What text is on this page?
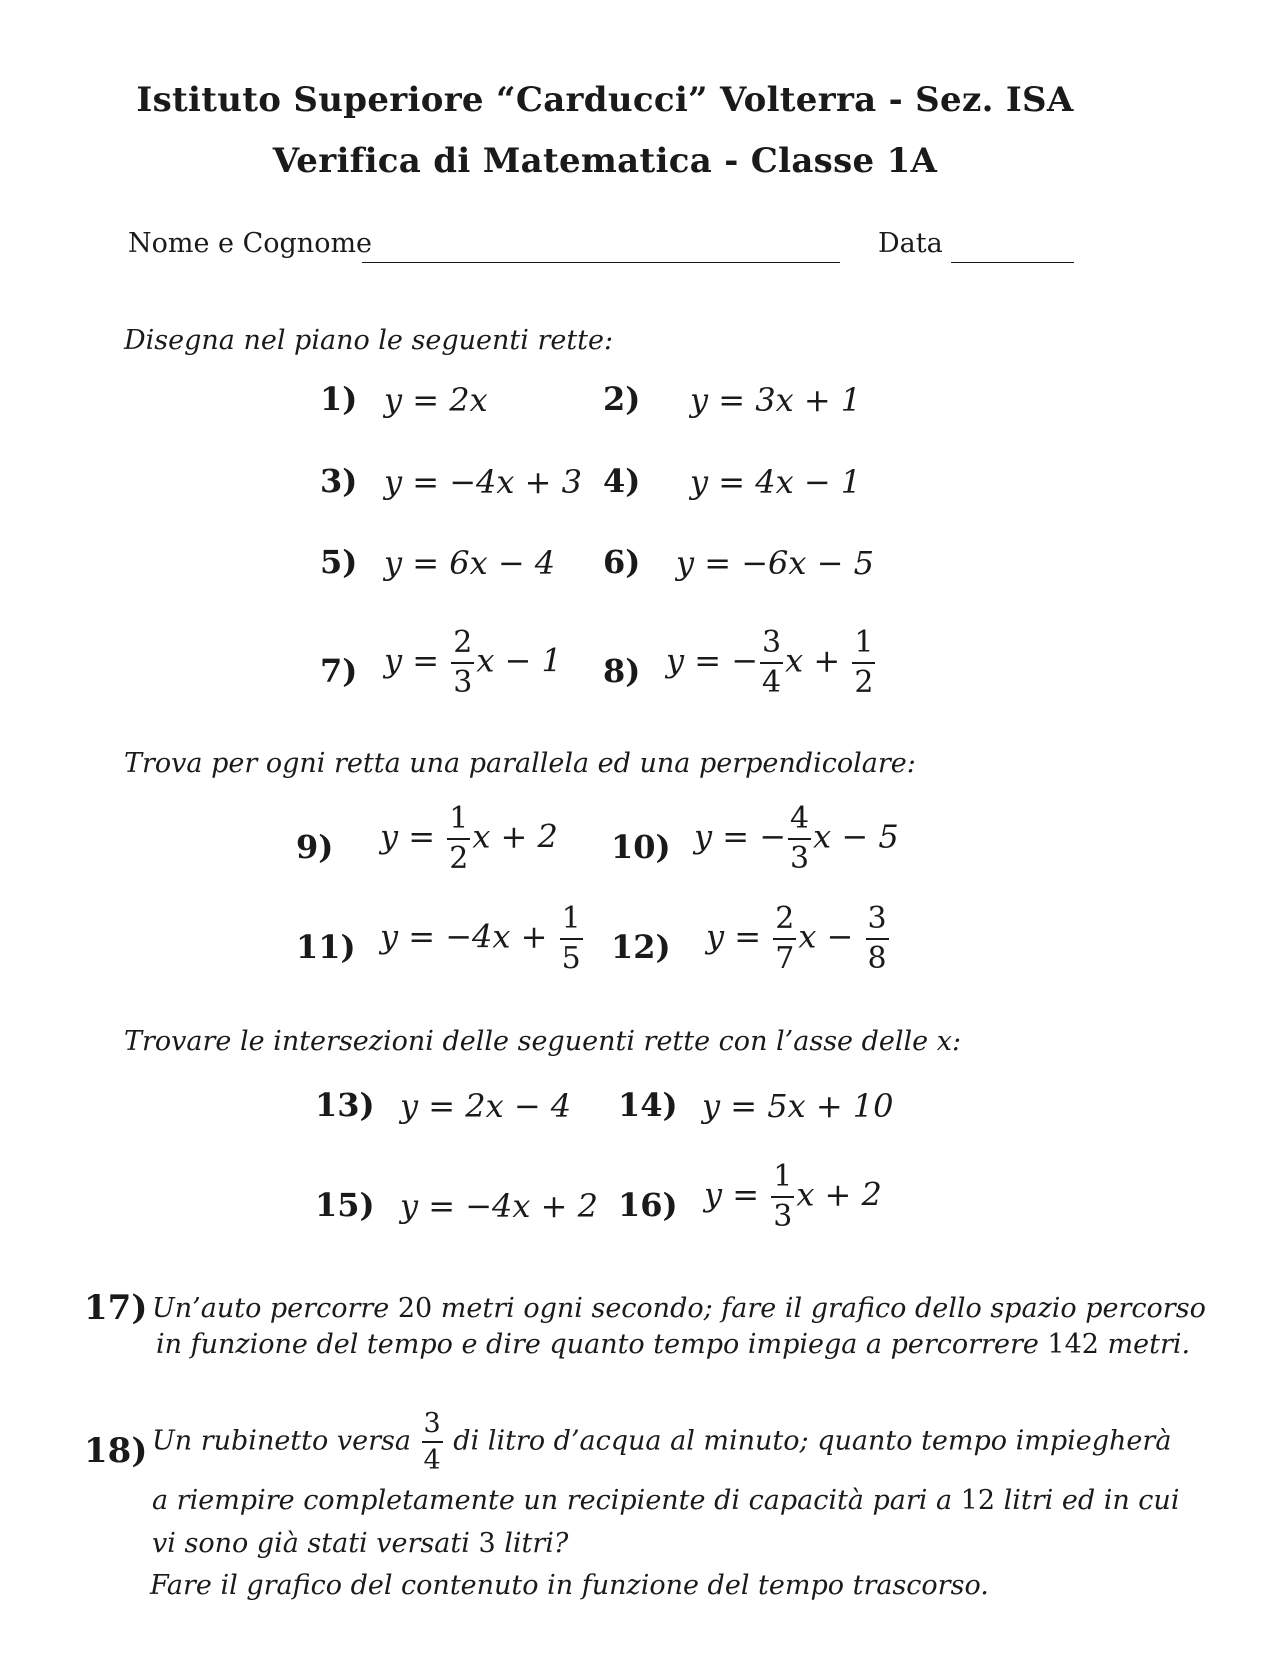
Istituto Superiore “Carducci” Volterra - Sez. ISA
Verifica di Matematica - Classe 1A
Nome e Cognome	Data
Disegna nel piano le seguenti rette:
1) y = 2x	2) y = 3x + 1
3) y = −4x + 3 4) y = 4x − 1
5) y = 6x − 4 6) y = −6x − 5
7) $y = \frac{2}{3}$ x − 1 8) y = − $\frac{3}{4}$ $x + \frac{1}{2}$
Trova per ogni retta una parallela ed una perpendicolare:
9) $y = \frac{1}{2}$ x + 2 10) y = − $\frac{4}{3}$ x − 5
11) $y = -4x + \frac{1}{5} 12$) $y = \frac{2}{7}$ $x - \frac{3}{8}$
Trovare le intersezioni delle seguenti rette con l’asse delle x:
13) y = 2x − 4 14) y = 5x + 10
15) y = −4x + 2 16) $y = \frac{1}{3}$ x + 2
17) Un’auto percorre 20 metri ogni secondo; fare il grafico dello spazio percorso
in funzione del tempo e dire quanto tempo impiega a percorrere 142 metri.
18) Un rubinetto versa $\frac{3}{4}$ di litro d’acqua al minuto; quanto tempo impiegherà
a riempire completamente un recipiente di capacità pari a 12 litri ed in cui
vi sono già stati versati 3 litri?
Fare il grafico del contenuto in funzione del tempo trascorso.
